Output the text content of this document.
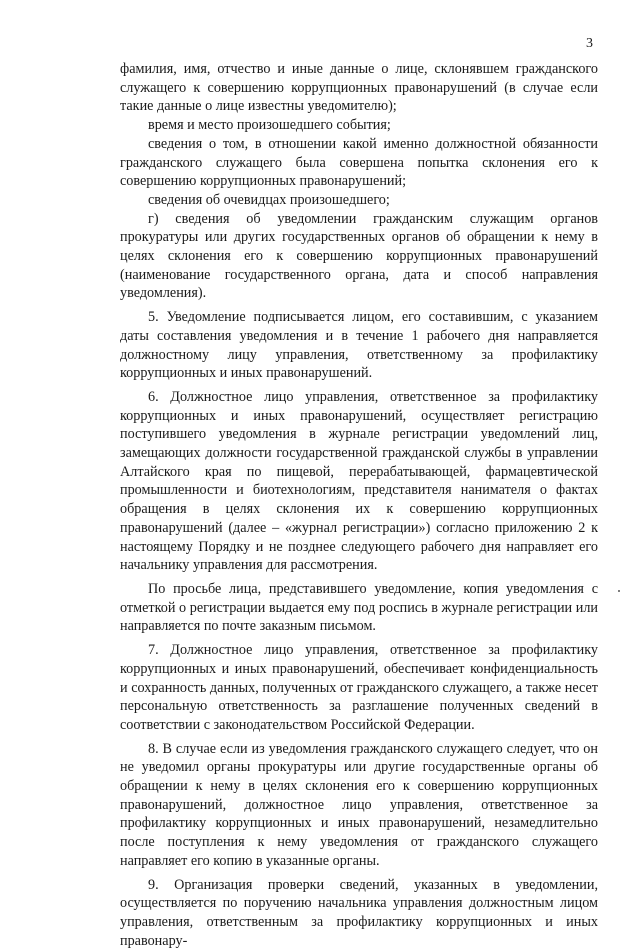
3

фамилия, имя, отчество и иные данные о лице, склонявшем гражданского служащего к совершению коррупционных правонарушений (в случае если такие данные о лице известны уведомителю);

время и место произошедшего события;

сведения о том, в отношении какой именно должностной обязанности гражданского служащего была совершена попытка склонения его к совершению коррупционных правонарушений;

сведения об очевидцах произошедшего;

г) сведения об уведомлении гражданским служащим органов прокуратуры или других государственных органов об обращении к нему в целях склонения его к совершению коррупционных правонарушений (наименование государственного органа, дата и способ направления уведомления).

5. Уведомление подписывается лицом, его составившим, с указанием даты составления уведомления и в течение 1 рабочего дня направляется должностному лицу управления, ответственному за профилактику коррупционных и иных правонарушений.

6. Должностное лицо управления, ответственное за профилактику коррупционных и иных правонарушений, осуществляет регистрацию поступившего уведомления в журнале регистрации уведомлений лиц, замещающих должности государственной гражданской службы в управлении Алтайского края по пищевой, перерабатывающей, фармацевтической промышленности и биотехнологиям, представителя нанимателя о фактах обращения в целях склонения их к совершению коррупционных правонарушений (далее – «журнал регистрации») согласно приложению 2 к настоящему Порядку и не позднее следующего рабочего дня направляет его начальнику управления для рассмотрения.

По просьбе лица, представившего уведомление, копия уведомления с отметкой о регистрации выдается ему под роспись в журнале регистрации или направляется по почте заказным письмом.

7. Должностное лицо управления, ответственное за профилактику коррупционных и иных правонарушений, обеспечивает конфиденциальность и сохранность данных, полученных от гражданского служащего, а также несет персональную ответственность за разглашение полученных сведений в соответствии с законодательством Российской Федерации.

8. В случае если из уведомления гражданского служащего следует, что он не уведомил органы прокуратуры или другие государственные органы об обращении к нему в целях склонения его к совершению коррупционных правонарушений, должностное лицо управления, ответственное за профилактику коррупционных и иных правонарушений, незамедлительно после поступления к нему уведомления от гражданского служащего направляет его копию в указанные органы.

9. Организация проверки сведений, указанных в уведомлении, осуществляется по поручению начальника управления должностным лицом управления, ответственным за профилактику коррупционных и иных правонару-
